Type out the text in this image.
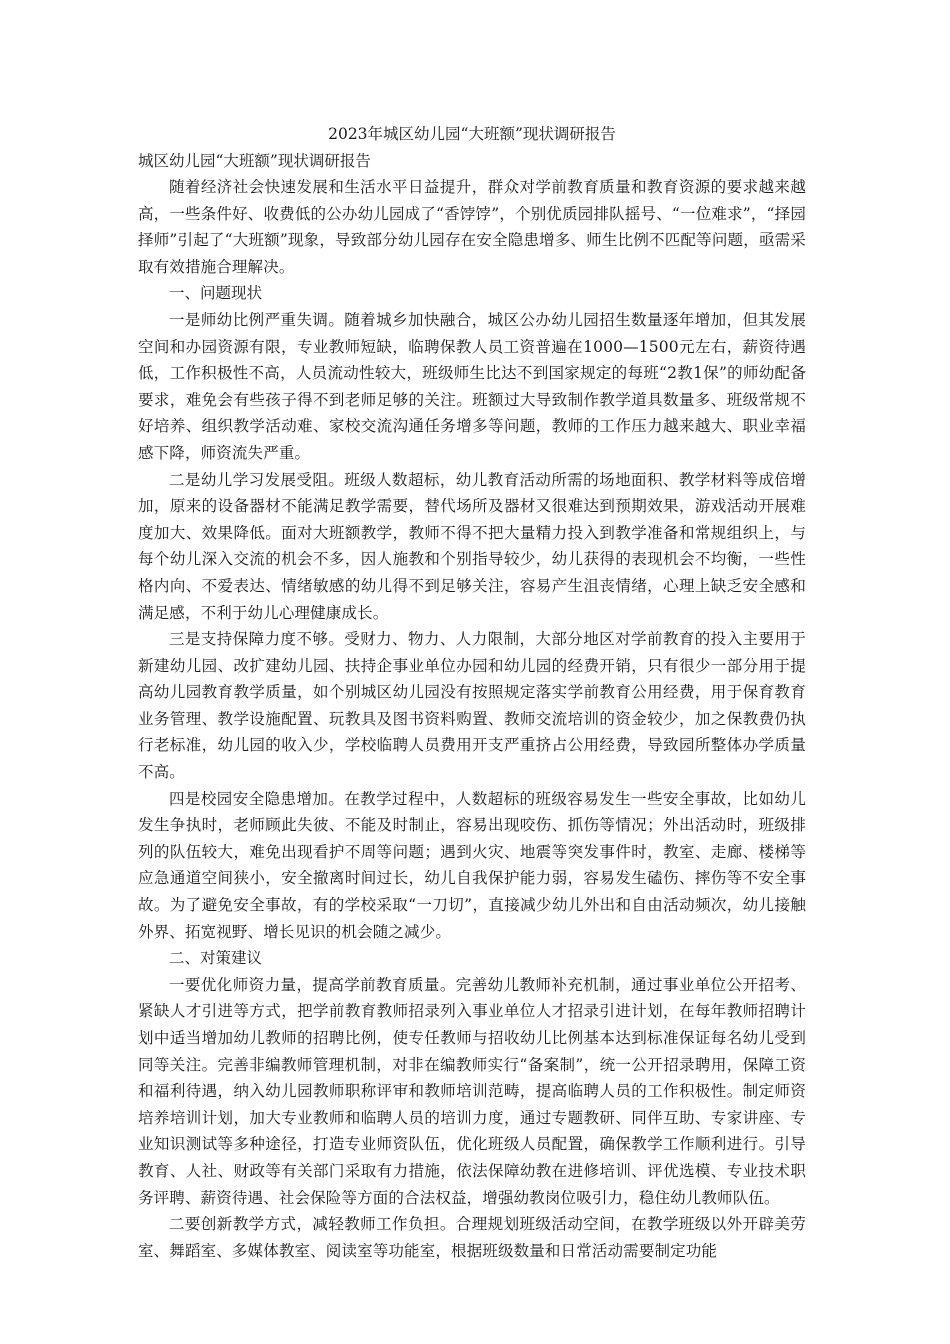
2023年城区幼儿园“大班额”现状调研报告

城区幼儿园“大班额”现状调研报告

随着经济社会快速发展和生活水平日益提升，群众对学前教育质量和教育资源的要求越来越高，一些条件好、收费低的公办幼儿园成了“香饽饽”，个别优质园排队摇号、“一位难求”，“择园择师”引起了“大班额”现象，导致部分幼儿园存在安全隐患增多、师生比例不匹配等问题，亟需采取有效措施合理解决。

一、问题现状

一是师幼比例严重失调。随着城乡加快融合，城区公办幼儿园招生数量逐年增加，但其发展空间和办园资源有限，专业教师短缺，临聘保教人员工资普遍在1000—1500元左右，薪资待遇低，工作积极性不高，人员流动性较大，班级师生比达不到国家规定的每班“2教1保”的师幼配备要求，难免会有些孩子得不到老师足够的关注。班额过大导致制作教学道具数量多、班级常规不好培养、组织教学活动难、家校交流沟通任务增多等问题，教师的工作压力越来越大、职业幸福感下降，师资流失严重。

二是幼儿学习发展受阻。班级人数超标，幼儿教育活动所需的场地面积、教学材料等成倍增加，原来的设备器材不能满足教学需要，替代场所及器材又很难达到预期效果，游戏活动开展难度加大、效果降低。面对大班额教学，教师不得不把大量精力投入到教学准备和常规组织上，与每个幼儿深入交流的机会不多，因人施教和个别指导较少，幼儿获得的表现机会不均衡，一些性格内向、不爱表达、情绪敏感的幼儿得不到足够关注，容易产生沮丧情绪，心理上缺乏安全感和满足感，不利于幼儿心理健康成长。

三是支持保障力度不够。受财力、物力、人力限制，大部分地区对学前教育的投入主要用于新建幼儿园、改扩建幼儿园、扶持企事业单位办园和幼儿园的经费开销，只有很少一部分用于提高幼儿园教育教学质量，如个别城区幼儿园没有按照规定落实学前教育公用经费，用于保育教育业务管理、教学设施配置、玩教具及图书资料购置、教师交流培训的资金较少，加之保教费仍执行老标准，幼儿园的收入少，学校临聘人员费用开支严重挤占公用经费，导致园所整体办学质量不高。

四是校园安全隐患增加。在教学过程中，人数超标的班级容易发生一些安全事故，比如幼儿发生争执时，老师顾此失彼、不能及时制止，容易出现咬伤、抓伤等情况；外出活动时，班级排列的队伍较大，难免出现看护不周等问题；遇到火灾、地震等突发事件时，教室、走廊、楼梯等应急通道空间狭小，安全撤离时间过长，幼儿自我保护能力弱，容易发生磕伤、摔伤等不安全事故。为了避免安全事故，有的学校采取“一刀切”，直接减少幼儿外出和自由活动频次，幼儿接触外界、拓宽视野、增长见识的机会随之减少。

二、对策建议

一要优化师资力量，提高学前教育质量。完善幼儿教师补充机制，通过事业单位公开招考、紧缺人才引进等方式，把学前教育教师招录列入事业单位人才招录引进计划，在每年教师招聘计划中适当增加幼儿教师的招聘比例，使专任教师与招收幼儿比例基本达到标准保证每名幼儿受到同等关注。完善非编教师管理机制，对非在编教师实行“备案制”，统一公开招录聘用，保障工资和福利待遇，纳入幼儿园教师职称评审和教师培训范畴，提高临聘人员的工作积极性。制定师资培养培训计划，加大专业教师和临聘人员的培训力度，通过专题教研、同伴互助、专家讲座、专业知识测试等多种途径，打造专业师资队伍，优化班级人员配置，确保教学工作顺利进行。引导教育、人社、财政等有关部门采取有力措施，依法保障幼教在进修培训、评优选模、专业技术职务评聘、薪资待遇、社会保险等方面的合法权益，增强幼教岗位吸引力，稳住幼儿教师队伍。

二要创新教学方式，减轻教师工作负担。合理规划班级活动空间，在教学班级以外开辟美劳室、舞蹈室、多媒体教室、阅读室等功能室，根据班级数量和日常活动需要制定功能
